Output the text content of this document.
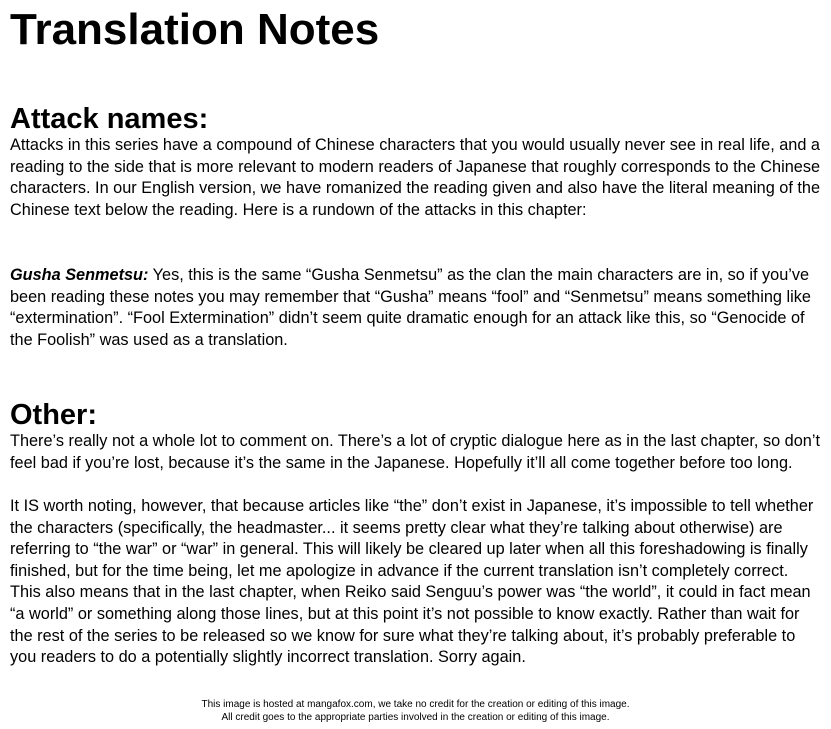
Translation Notes
Attack names:

Attacks in this series have a compound of Chinese characters that you would usually never see in real life, and a reading to the side that is more relevant to modern readers of Japanese that roughly corresponds to the Chinese characters. In our English version, we have romanized the reading given and also have the literal meaning of the Chinese text below the reading. Here is a rundown of the attacks in this chapter:

Gusha Senmetsu: Yes, this is the same “Gusha Senmetsu” as the clan the main characters are in, so if you’ve been reading these notes you may remember that “Gusha” means “fool” and “Senmetsu” means something like “extermination”. “Fool Extermination” didn’t seem quite dramatic enough for an attack like this, so “Genocide of the Foolish” was used as a translation.

Other:

There’s really not a whole lot to comment on. There’s a lot of cryptic dialogue here as in the last chapter, so don’t feel bad if you’re lost, because it’s the same in the Japanese. Hopefully it’ll all come together before too long.

It IS worth noting, however, that because articles like “the” don’t exist in Japanese, it’s impossible to tell whether the characters (specifically, the headmaster... it seems pretty clear what they’re talking about otherwise) are referring to “the war” or “war” in general. This will likely be cleared up later when all this foreshadowing is finally finished, but for the time being, let me apologize in advance if the current translation isn’t completely correct. This also means that in the last chapter, when Reiko said Senguu’s power was “the world”, it could in fact mean “a world” or something along those lines, but at this point it’s not possible to know exactly. Rather than wait for the rest of the series to be released so we know for sure what they’re talking about, it’s probably preferable to you readers to do a potentially slightly incorrect translation. Sorry again.

This image is hosted at mangafox.com, we take no credit for the creation or editing of this image.
All credit goes to the appropriate parties involved in the creation or editing of this image.
